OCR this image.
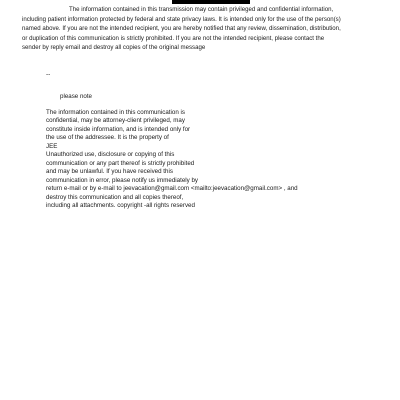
The information contained in this transmission may contain privileged and confidential information,
including patient information protected by federal and state privacy laws. It is intended only for the use of the person(s)
named above. If you are not the intended recipient, you are hereby notified that any review, dissemination, distribution,
or duplication of this communication is strictly prohibited. If you are not the intended recipient, please contact the
sender by reply email and destroy all copies of the original message

--

please note

The information contained in this communication is
confidential, may be attorney-client privileged, may
constitute inside information, and is intended only for
the use of the addressee. It is the property of
JEE
Unauthorized use, disclosure or copying of this
communication or any part thereof is strictly prohibited
and may be unlawful. If you have received this
communication in error, please notify us immediately by
return e-mail or by e-mail to jeevacation@gmail.com <mailto:jeevacation@gmail.com> , and
destroy this communication and all copies thereof,
including all attachments. copyright -all rights reserved
